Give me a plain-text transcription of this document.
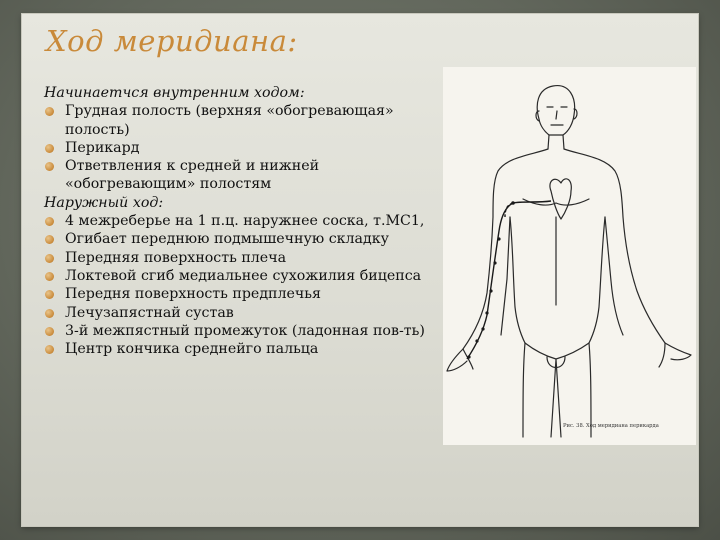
Ход меридиана:
Начинаетчся внутренним ходом:
Грудная полость (верхняя «обогревающая» полость)
Перикард
Ответвления к средней и нижней «обогревающим» полостям
Наружный ход:
4 межреберье на 1 п.ц. наружнее соска, т.МС1,
Огибает переднюю подмышечную складку
Передняя поверхность плеча
Локтевой сгиб медиальнее сухожилия бицепса
Передня поверхность предплечья
Лечузапястнай сустав
3-й межпястный промежуток (ладонная пов-ть)
Центр кончика среднейго пальца
Рис. 38. Ход меридиана перикарда
